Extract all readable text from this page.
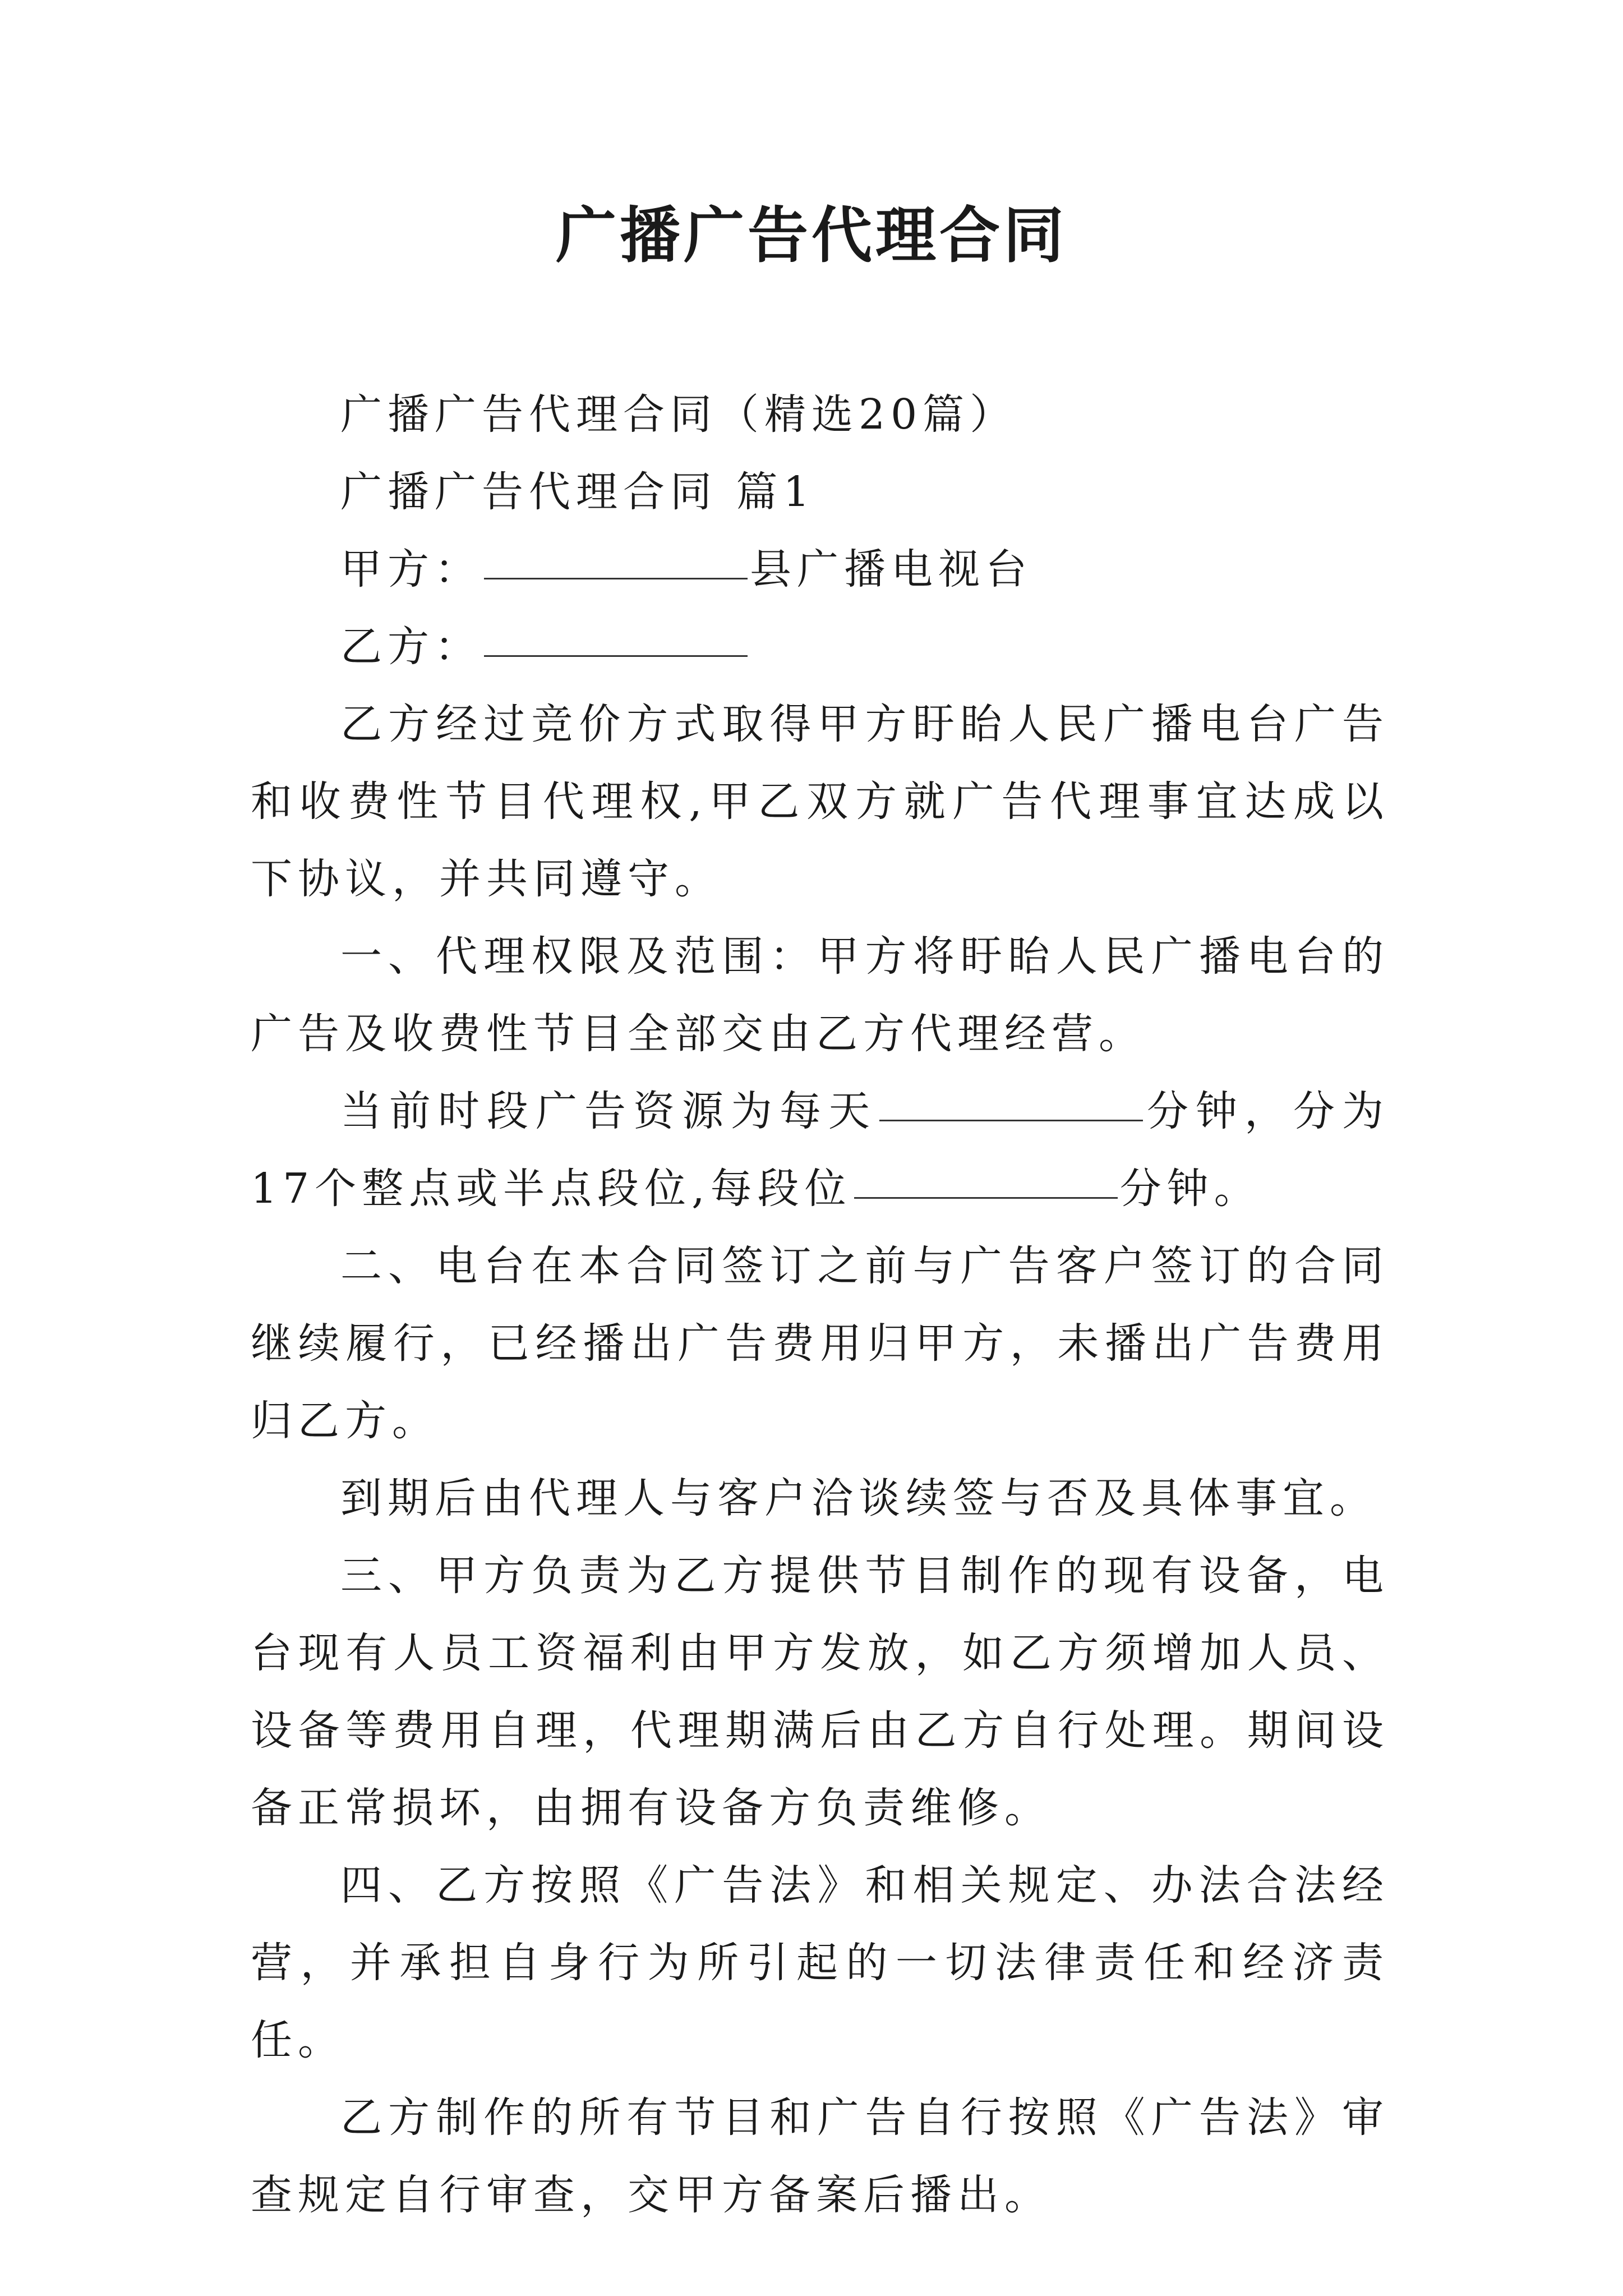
广播广告代理合同

广播广告代理合同（精选20篇）

广播广告代理合同 篇1

甲方：	县广播电视台

乙方：

乙方经过竞价方式取得甲方盱眙人民广播电台广告和收费性节目代理权,甲乙双方就广告代理事宜达成以下协议，并共同遵守。

一、代理权限及范围：甲方将盱眙人民广播电台的广告及收费性节目全部交由乙方代理经营。

当前时段广告资源为每天	分钟，分为17个整点或半点段位,每段位	分钟。

二、电台在本合同签订之前与广告客户签订的合同继续履行，已经播出广告费用归甲方，未播出广告费用归乙方。

到期后由代理人与客户洽谈续签与否及具体事宜。

三、甲方负责为乙方提供节目制作的现有设备，电台现有人员工资福利由甲方发放，如乙方须增加人员、设备等费用自理，代理期满后由乙方自行处理。期间设备正常损坏，由拥有设备方负责维修。

四、乙方按照《广告法》和相关规定、办法合法经营，并承担自身行为所引起的一切法律责任和经济责任。

乙方制作的所有节目和广告自行按照《广告法》审查规定自行审查，交甲方备案后播出。
